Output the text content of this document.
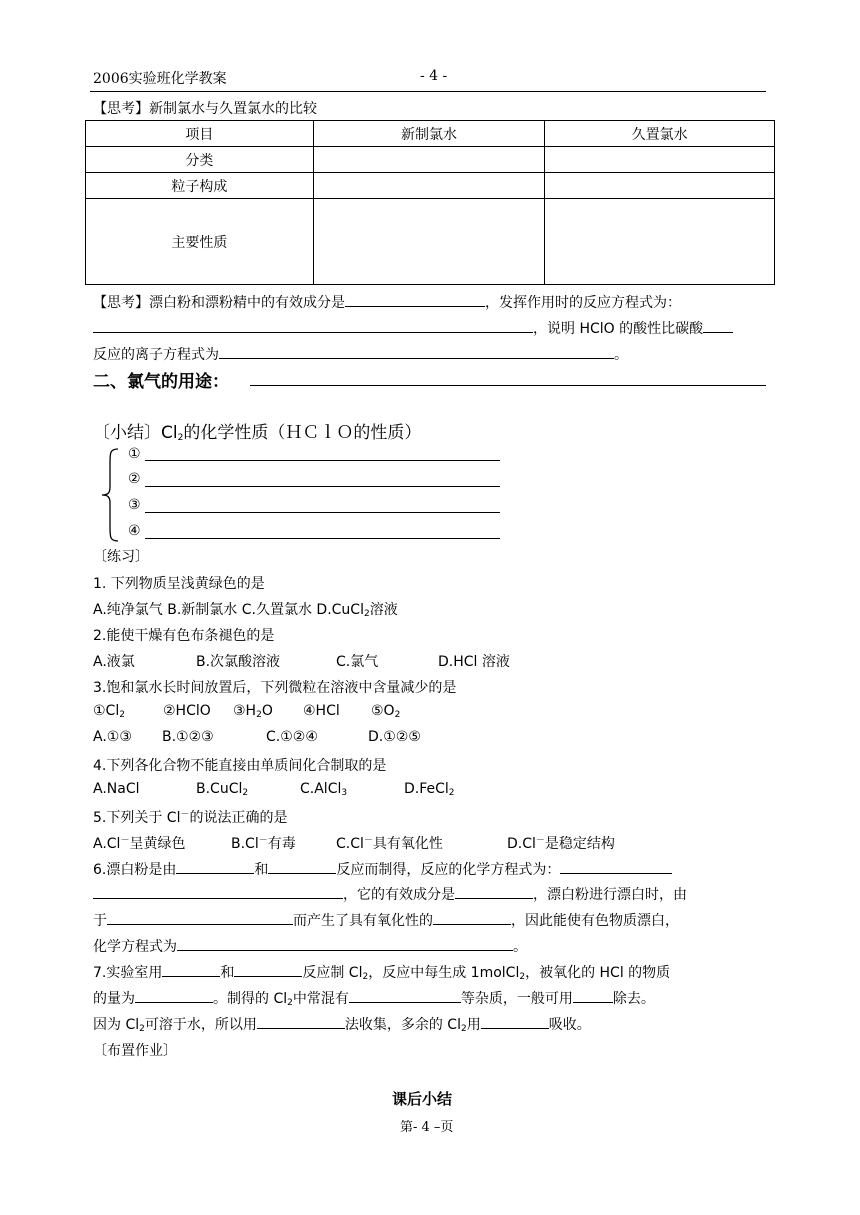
2006实验班化学教案	- 4 -
【思考】新制氯水与久置氯水的比较
项目	新制氯水	久置氯水
分类		
粒子构成		
主要性质		
【思考】漂白粉和漂粉精中的有效成分是	，发挥作用时的反应方程式为：
，说明 HClO 的酸性比碳酸
反应的离子方程式为	。
二、氯气的用途：
〔小结〕$Cl_2$的化学性质（ＨＣｌＯ的性质）
①
②
③
④
〔练习〕
1. 下列物质呈浅黄绿色的是
A.纯净氯气 B.新制氯水 C.久置氯水 D.CuCl$_2$溶液
2.能使干燥有色布条褪色的是
A.液氯	B.次氯酸溶液	C.氯气	D.HCl 溶液
3.饱和氯水长时间放置后，下列微粒在溶液中含量减少的是
$①Cl_2$	②HClO $③H_2O$ ④HCl $⑤O_2$
A.①③ B.①②③	C.①②④	D.①②⑤
4.下列各化合物不能直接由单质间化合制取的是
A.NaCl	B.CuCl$_2$	C.AlCl$_3$	D.FeCl$_2$
5.下列关于 Cl－的说法正确的是
A.Cl－呈黄绿色	B.Cl－有毒	C.Cl－具有氧化性	D.Cl－是稳定结构
6.漂白粉是由	和	反应而制得，反应的化学方程式为：
，它的有效成分是	，漂白粉进行漂白时，由
于	而产生了具有氧化性的	，因此能使有色物质漂白，
化学方程式为	。
7.实验室用	和	反应制 $Cl_2$，反应中每生成 1molCl$_2$，被氧化的 HCl 的物质
的量为	。制得的 $Cl_2$中常混有	等杂质，一般可用	除去。
因为 $Cl_2$可溶于水，所以用	法收集，多余的 $Cl_2$用	吸收。
〔布置作业〕
课后小结
第- 4 –页
